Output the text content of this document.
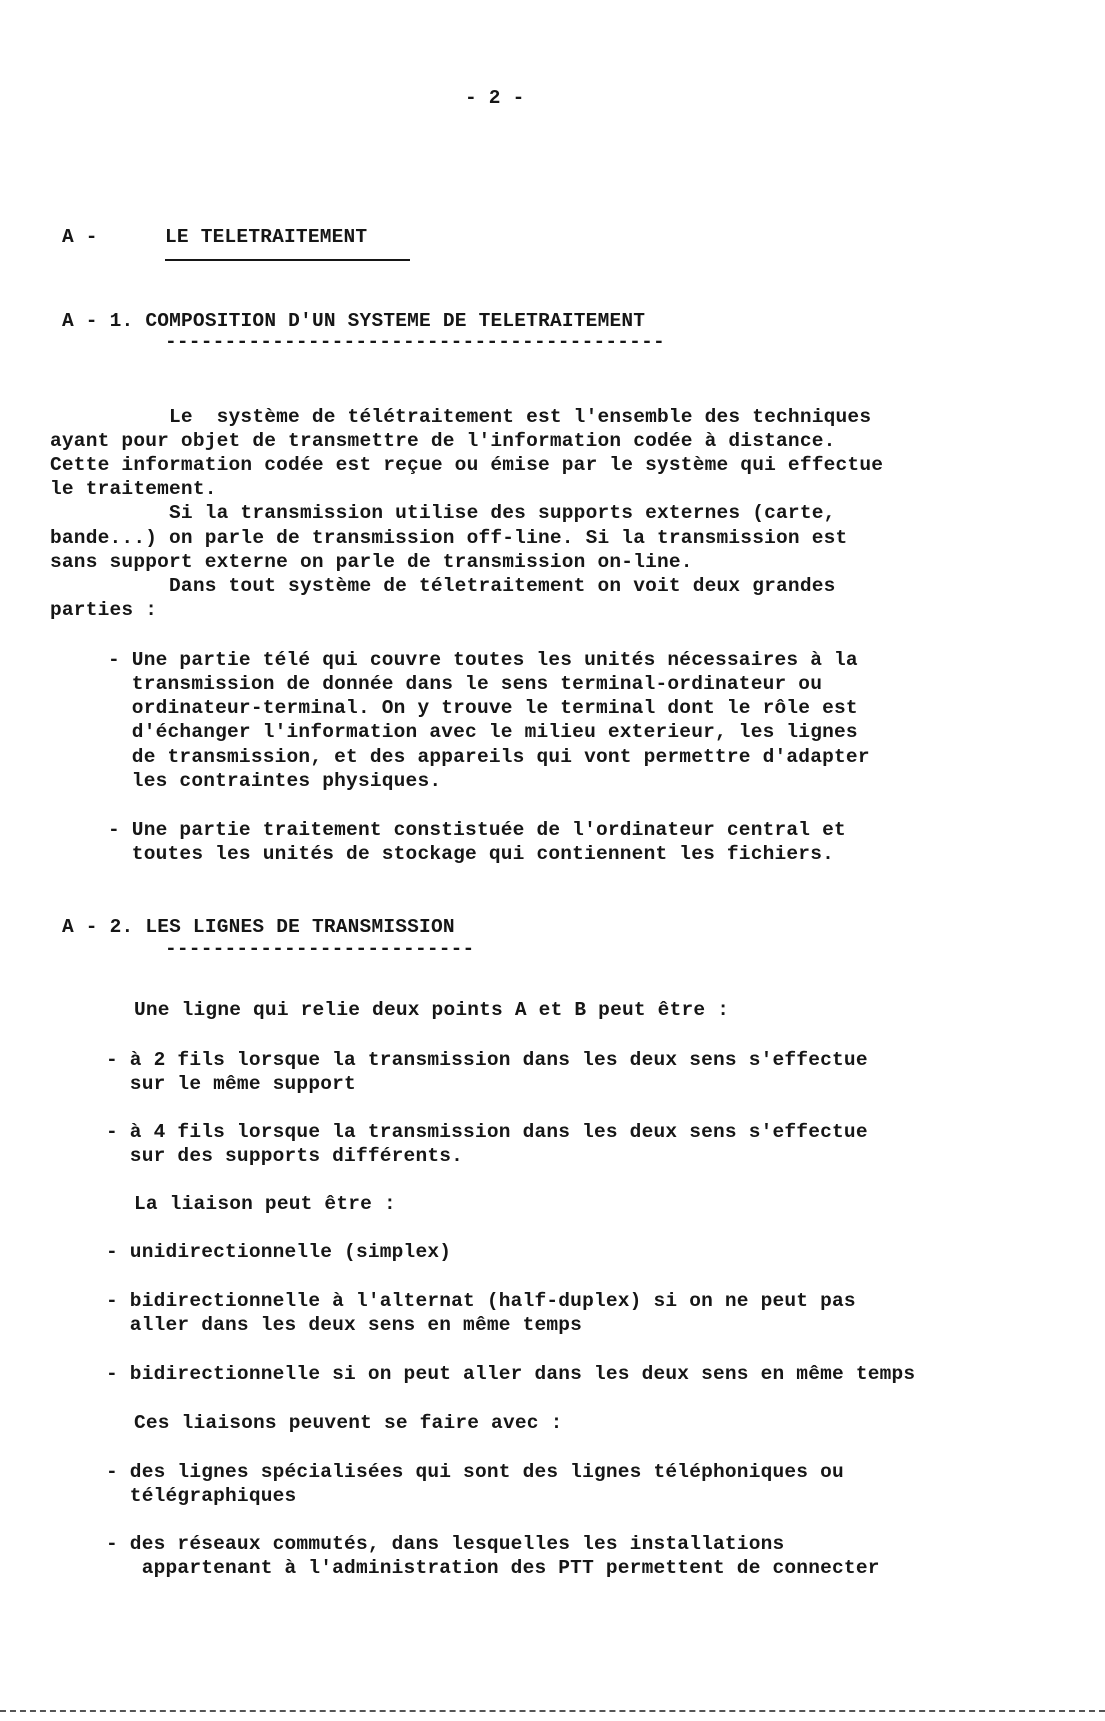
- 2 -
A -	LE TELETRAITEMENT
A - 1. COMPOSITION D'UN SYSTEME DE TELETRAITEMENT
------------------------------------------
Le  système de télétraitement est l'ensemble des techniques
ayant pour objet de transmettre de l'information codée à distance.
Cette information codée est reçue ou émise par le système qui effectue
le traitement.
Si la transmission utilise des supports externes (carte,
bande...) on parle de transmission off-line. Si la transmission est
sans support externe on parle de transmission on-line.
Dans tout système de téletraitement on voit deux grandes
parties :
- Une partie télé qui couvre toutes les unités nécessaires à la
transmission de donnée dans le sens terminal-ordinateur ou
ordinateur-terminal. On y trouve le terminal dont le rôle est
d'échanger l'information avec le milieu exterieur, les lignes
de transmission, et des appareils qui vont permettre d'adapter
les contraintes physiques.
- Une partie traitement constistuée de l'ordinateur central et
toutes les unités de stockage qui contiennent les fichiers.
A - 2. LES LIGNES DE TRANSMISSION
--------------------------
Une ligne qui relie deux points A et B peut être :
- à 2 fils lorsque la transmission dans les deux sens s'effectue
sur le même support
- à 4 fils lorsque la transmission dans les deux sens s'effectue
sur des supports différents.
La liaison peut être :
- unidirectionnelle (simplex)
- bidirectionnelle à l'alternat (half-duplex) si on ne peut pas
aller dans les deux sens en même temps
- bidirectionnelle si on peut aller dans les deux sens en même temps
Ces liaisons peuvent se faire avec :
- des lignes spécialisées qui sont des lignes téléphoniques ou
télégraphiques
- des réseaux commutés, dans lesquelles les installations
appartenant à l'administration des PTT permettent de connecter
